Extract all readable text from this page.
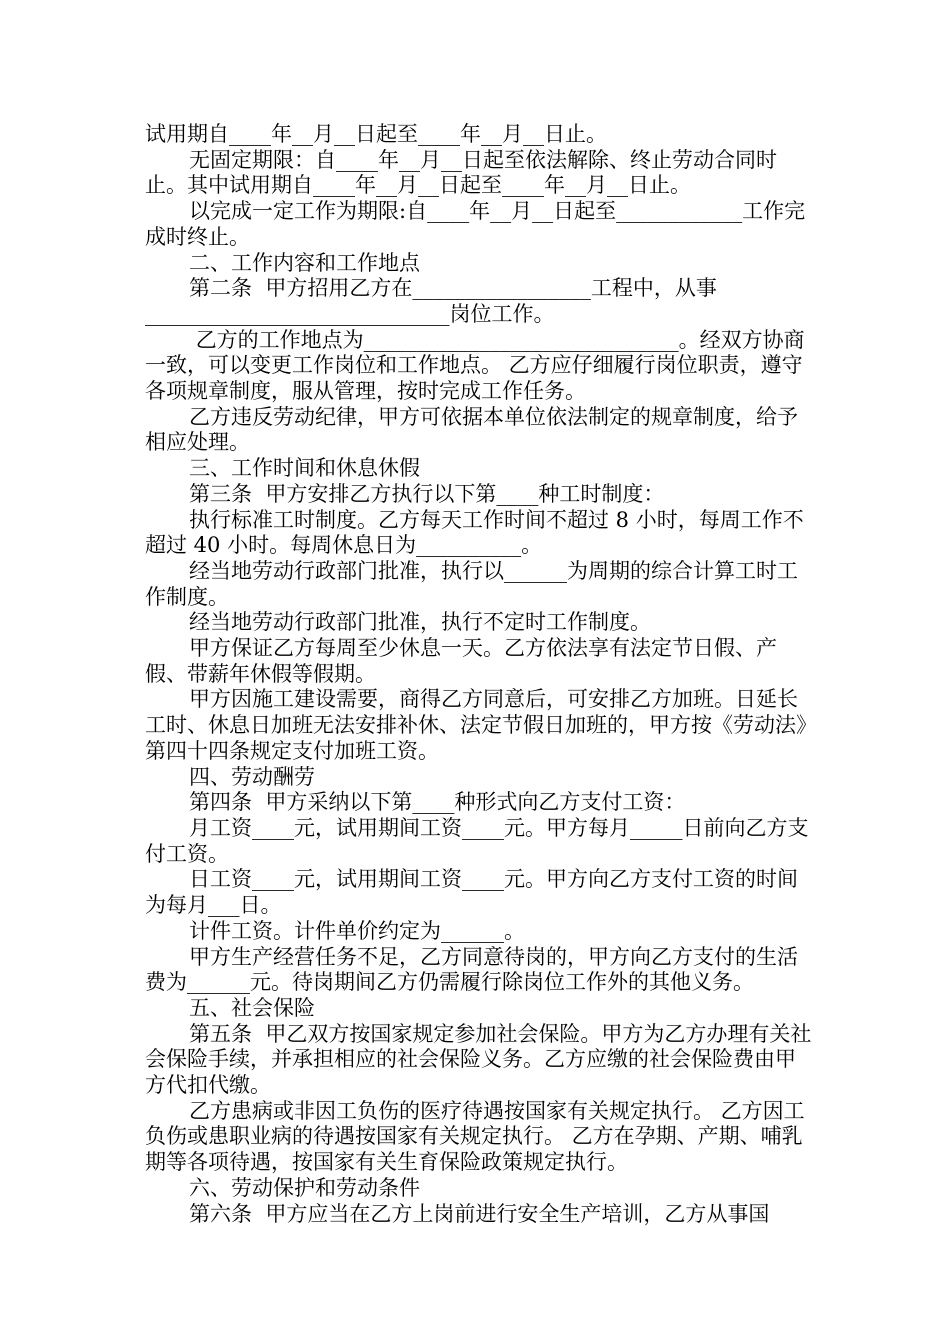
试用期自____年__月__日起至____年__月__日止。

无固定期限：自____年__月__日起至依法解除、终止劳动合同时止。其中试用期自____年__月__日起至____年__月__日止。

以完成一定工作为期限:自____年__月__日起至____________工作完成时终止。

二、工作内容和工作地点

第二条  甲方招用乙方在_________________工程中，从事_____________________________岗位工作。

乙方的工作地点为______________________________。经双方协商一致，可以变更工作岗位和工作地点。 乙方应仔细履行岗位职责，遵守各项规章制度，服从管理，按时完成工作任务。

乙方违反劳动纪律，甲方可依据本单位依法制定的规章制度，给予相应处理。

三、工作时间和休息休假

第三条  甲方安排乙方执行以下第____种工时制度：

执行标准工时制度。乙方每天工作时间不超过 8 小时，每周工作不超过 40 小时。每周休息日为__________。

经当地劳动行政部门批准，执行以______为周期的综合计算工时工作制度。

经当地劳动行政部门批准，执行不定时工作制度。

甲方保证乙方每周至少休息一天。乙方依法享有法定节日假、产假、带薪年休假等假期。

甲方因施工建设需要，商得乙方同意后，可安排乙方加班。日延长工时、休息日加班无法安排补休、法定节假日加班的，甲方按《劳动法》第四十四条规定支付加班工资。

四、劳动酬劳

第四条  甲方采纳以下第____种形式向乙方支付工资：

月工资____元，试用期间工资____元。甲方每月_____日前向乙方支付工资。

日工资____元，试用期间工资____元。甲方向乙方支付工资的时间为每月___日。

计件工资。计件单价约定为______。

甲方生产经营任务不足，乙方同意待岗的，甲方向乙方支付的生活费为______元。待岗期间乙方仍需履行除岗位工作外的其他义务。

五、社会保险

第五条  甲乙双方按国家规定参加社会保险。甲方为乙方办理有关社会保险手续，并承担相应的社会保险义务。乙方应缴的社会保险费由甲方代扣代缴。

乙方患病或非因工负伤的医疗待遇按国家有关规定执行。 乙方因工负伤或患职业病的待遇按国家有关规定执行。 乙方在孕期、产期、哺乳期等各项待遇，按国家有关生育保险政策规定执行。

六、劳动保护和劳动条件

第六条  甲方应当在乙方上岗前进行安全生产培训，乙方从事国
